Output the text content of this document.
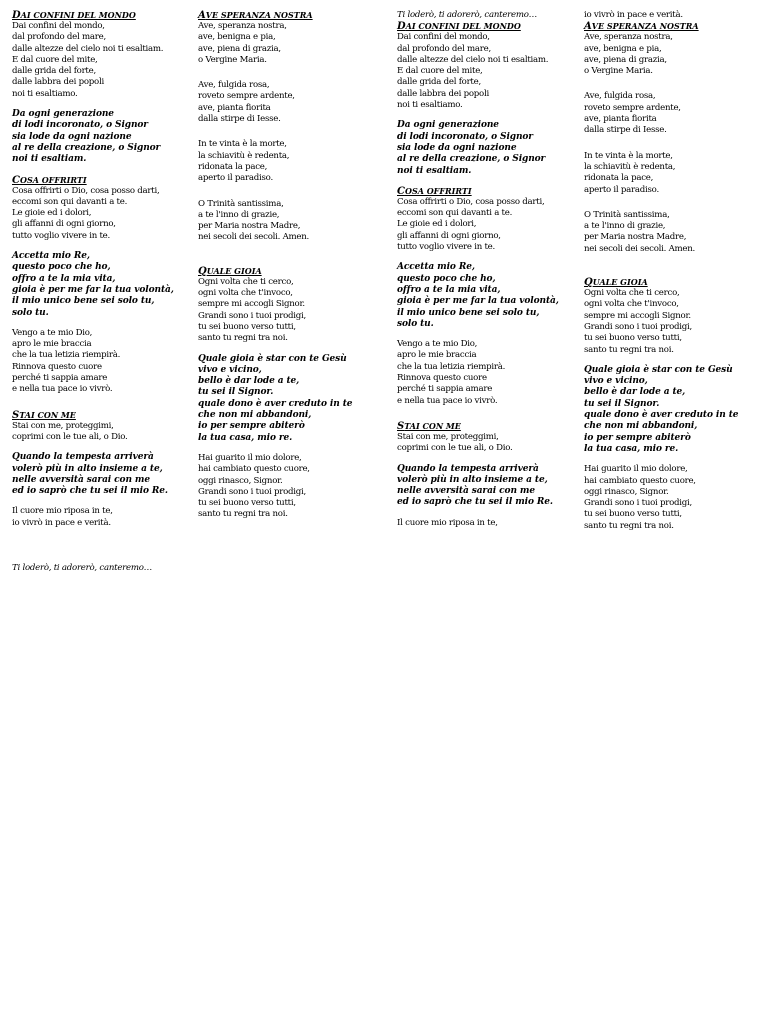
DAI CONFINI DEL MONDO
Dai confini del mondo,
dal profondo del mare,
dalle altezze del cielo noi ti esaltiam.
E dal cuore del mite,
dalle grida del forte,
dalle labbra dei popoli
noi ti esaltiamo.
Da ogni generazione
di lodi incoronato, o Signor
sia lode da ogni nazione
al re della creazione, o Signor
noi ti esaltiam.
COSA OFFRIRTI
Cosa offrirti o Dio, cosa posso darti,
eccomi son qui davanti a te.
Le gioie ed i dolori,
gli affanni di ogni giorno,
tutto voglio vivere in te.
Accetta mio Re,
questo poco che ho,
offro a te la mia vita,
gioia è per me far la tua volontà,
il mio unico bene sei solo tu,
solo tu.
Vengo a te mio Dio,
apro le mie braccia
che la tua letizia riempirà.
Rinnova questo cuore
perché ti sappia amare
e nella tua pace io vivrò.
STAI CON ME
Stai con me, proteggimi,
coprimi con le tue ali, o Dio.
Quando la tempesta arriverà
volerò più in alto insieme a te,
nelle avversità sarai con me
ed io saprò che tu sei il mio Re.
Il cuore mio riposa in te,
io vivrò in pace e verità.
AVE SPERANZA NOSTRA
Ave, speranza nostra,
ave, benigna e pia,
ave, piena di grazia,
o Vergine Maria.
Ave, fulgida rosa,
roveto sempre ardente,
ave, pianta fiorita
dalla stirpe di Iesse.
In te vinta è la morte,
la schiavitù è redenta,
ridonata la pace,
aperto il paradiso.
O Trinità santissima,
a te l'inno di grazie,
per Maria nostra Madre,
nei secoli dei secoli. Amen.
QUALE GIOIA
Ogni volta che ti cerco,
ogni volta che t'invoco,
sempre mi accogli Signor.
Grandi sono i tuoi prodigi,
tu sei buono verso tutti,
santo tu regni tra noi.
Quale gioia è star con te Gesù
vivo e vicino,
bello è dar lode a te,
tu sei il Signor.
quale dono è aver creduto in te
che non mi abbandoni,
io per sempre abiterò
la tua casa, mio re.
Hai guarito il mio dolore,
hai cambiato questo cuore,
oggi rinasco, Signor.
Grandi sono i tuoi prodigi,
tu sei buono verso tutti,
santo tu regni tra noi.
Ti loderò, ti adorerò, canteremo…
DAI CONFINI DEL MONDO
Dai confini del mondo,
dal profondo del mare,
dalle altezze del cielo noi ti esaltiam.
E dal cuore del mite,
dalle grida del forte,
dalle labbra dei popoli
noi ti esaltiamo.
Da ogni generazione
di lodi incoronato, o Signor
sia lode da ogni nazione
al re della creazione, o Signor
noi ti esaltiam.
COSA OFFRIRTI
Cosa offrirti o Dio, cosa posso darti,
eccomi son qui davanti a te.
Le gioie ed i dolori,
gli affanni di ogni giorno,
tutto voglio vivere in te.
Accetta mio Re,
questo poco che ho,
offro a te la mia vita,
gioia è per me far la tua volontà,
il mio unico bene sei solo tu,
solo tu.
Vengo a te mio Dio,
apro le mie braccia
che la tua letizia riempirà.
Rinnova questo cuore
perché ti sappia amare
e nella tua pace io vivrò.
STAI CON ME
Stai con me, proteggimi,
coprimi con le tue ali, o Dio.
Quando la tempesta arriverà
volerò più in alto insieme a te,
nelle avversità sarai con me
ed io saprò che tu sei il mio Re.
Il cuore mio riposa in te,
io vivrò in pace e verità.
AVE SPERANZA NOSTRA
Ave, speranza nostra,
ave, benigna e pia,
ave, piena di grazia,
o Vergine Maria.
Ave, fulgida rosa,
roveto sempre ardente,
ave, pianta fiorita
dalla stirpe di Iesse.
In te vinta è la morte,
la schiavitù è redenta,
ridonata la pace,
aperto il paradiso.
O Trinità santissima,
a te l'inno di grazie,
per Maria nostra Madre,
nei secoli dei secoli. Amen.
QUALE GIOIA
Ogni volta che ti cerco,
ogni volta che t'invoco,
sempre mi accogli Signor.
Grandi sono i tuoi prodigi,
tu sei buono verso tutti,
santo tu regni tra noi.
Quale gioia è star con te Gesù
vivo e vicino,
bello è dar lode a te,
tu sei il Signor.
quale dono è aver creduto in te
che non mi abbandoni,
io per sempre abiterò
la tua casa, mio re.
Hai guarito il mio dolore,
hai cambiato questo cuore,
oggi rinasco, Signor.
Grandi sono i tuoi prodigi,
tu sei buono verso tutti,
santo tu regni tra noi.
Ti loderò, ti adorerò, canteremo…
